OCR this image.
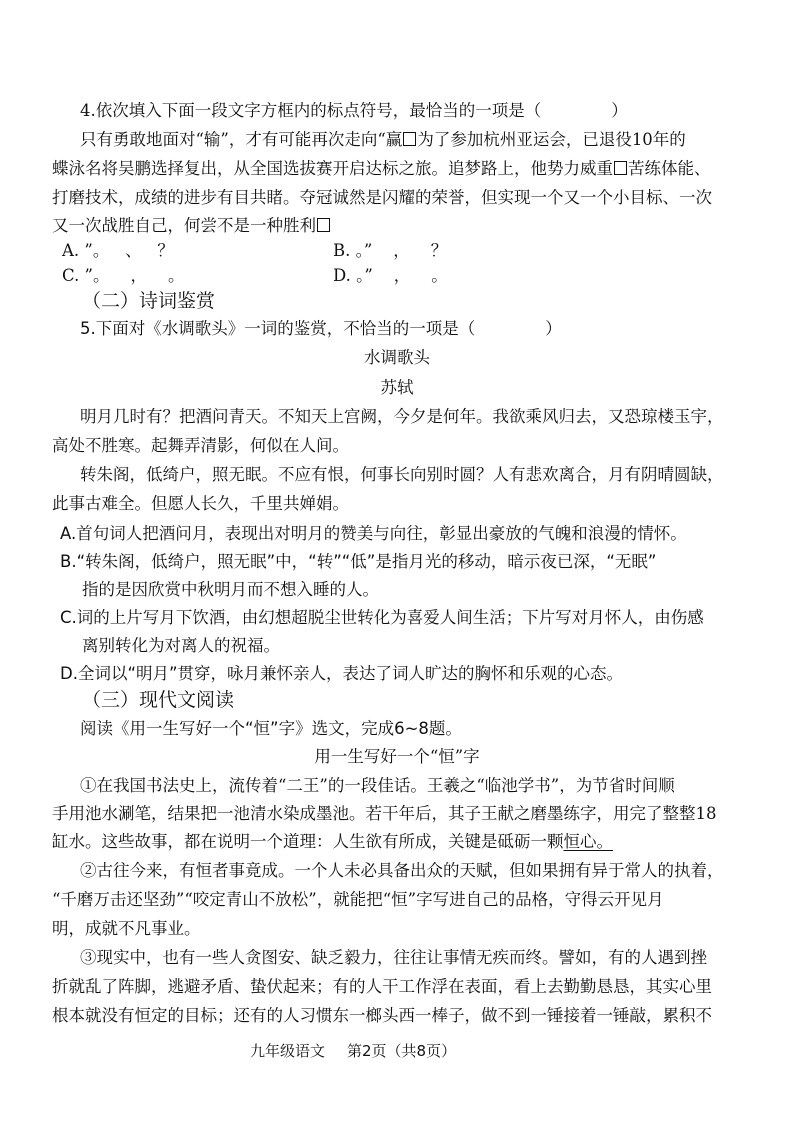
4.依次填入下面一段文字方框内的标点符号，最恰当的一项是（	）
只有勇敢地面对“输”，才有可能再次走向“赢 为了参加杭州亚运会，已退役10年的
蝶泳名将吴鹏选择复出，从全国选拔赛开启达标之旅。追梦路上，他势力威重 苦练体能、
打磨技术，成绩的进步有目共睹。夺冠诚然是闪耀的荣誉，但实现一个又一个小目标、一次
又一次战胜自己，何尝不是一种胜利
A. ”。   、   ？	B. 。”    ，    ？
C. ”。    ，    。	D. 。”    ，    。
（二）诗词鉴赏
5.下面对《水调歌头》一词的鉴赏，不恰当的一项是（	）
水调歌头
苏轼
明月几时有？把酒问青天。不知天上宫阙，今夕是何年。我欲乘风归去，又恐琼楼玉宇，
高处不胜寒。起舞弄清影，何似在人间。
转朱阁，低绮户，照无眠。不应有恨，何事长向别时圆？人有悲欢离合，月有阴晴圆缺，
此事古难全。但愿人长久，千里共婵娟。
A.首句词人把酒问月，表现出对明月的赞美与向往，彰显出豪放的气魄和浪漫的情怀。
B.“转朱阁，低绮户，照无眠”中，“转”“低”是指月光的移动，暗示夜已深，“无眠”
指的是因欣赏中秋明月而不想入睡的人。
C.词的上片写月下饮酒，由幻想超脱尘世转化为喜爱人间生活；下片写对月怀人，由伤感
离别转化为对离人的祝福。
D.全词以“明月”贯穿，咏月兼怀亲人，表达了词人旷达的胸怀和乐观的心态。
（三）现代文阅读
阅读《用一生写好一个“恒”字》选文，完成6~8题。
用一生写好一个“恒”字
①在我国书法史上，流传着“二王”的一段佳话。王羲之“临池学书”，为节省时间顺
手用池水涮笔，结果把一池清水染成墨池。若干年后，其子王献之磨墨练字，用完了整整18
缸水。这些故事，都在说明一个道理：人生欲有所成，关键是砥砺一颗恒心。
②古往今来，有恒者事竟成。一个人未必具备出众的天赋，但如果拥有异于常人的执着，
“千磨万击还坚劲”“咬定青山不放松”，就能把“恒”字写进自己的品格，守得云开见月
明，成就不凡事业。
③现实中，也有一些人贪图安、缺乏毅力，往往让事情无疾而终。譬如，有的人遇到挫
折就乱了阵脚，逃避矛盾、蛰伏起来；有的人干工作浮在表面，看上去勤勤恳恳，其实心里
根本就没有恒定的目标；还有的人习惯东一榔头西一棒子，做不到一锤接着一锤敲，累积不
九年级语文 第2页（共8页）
